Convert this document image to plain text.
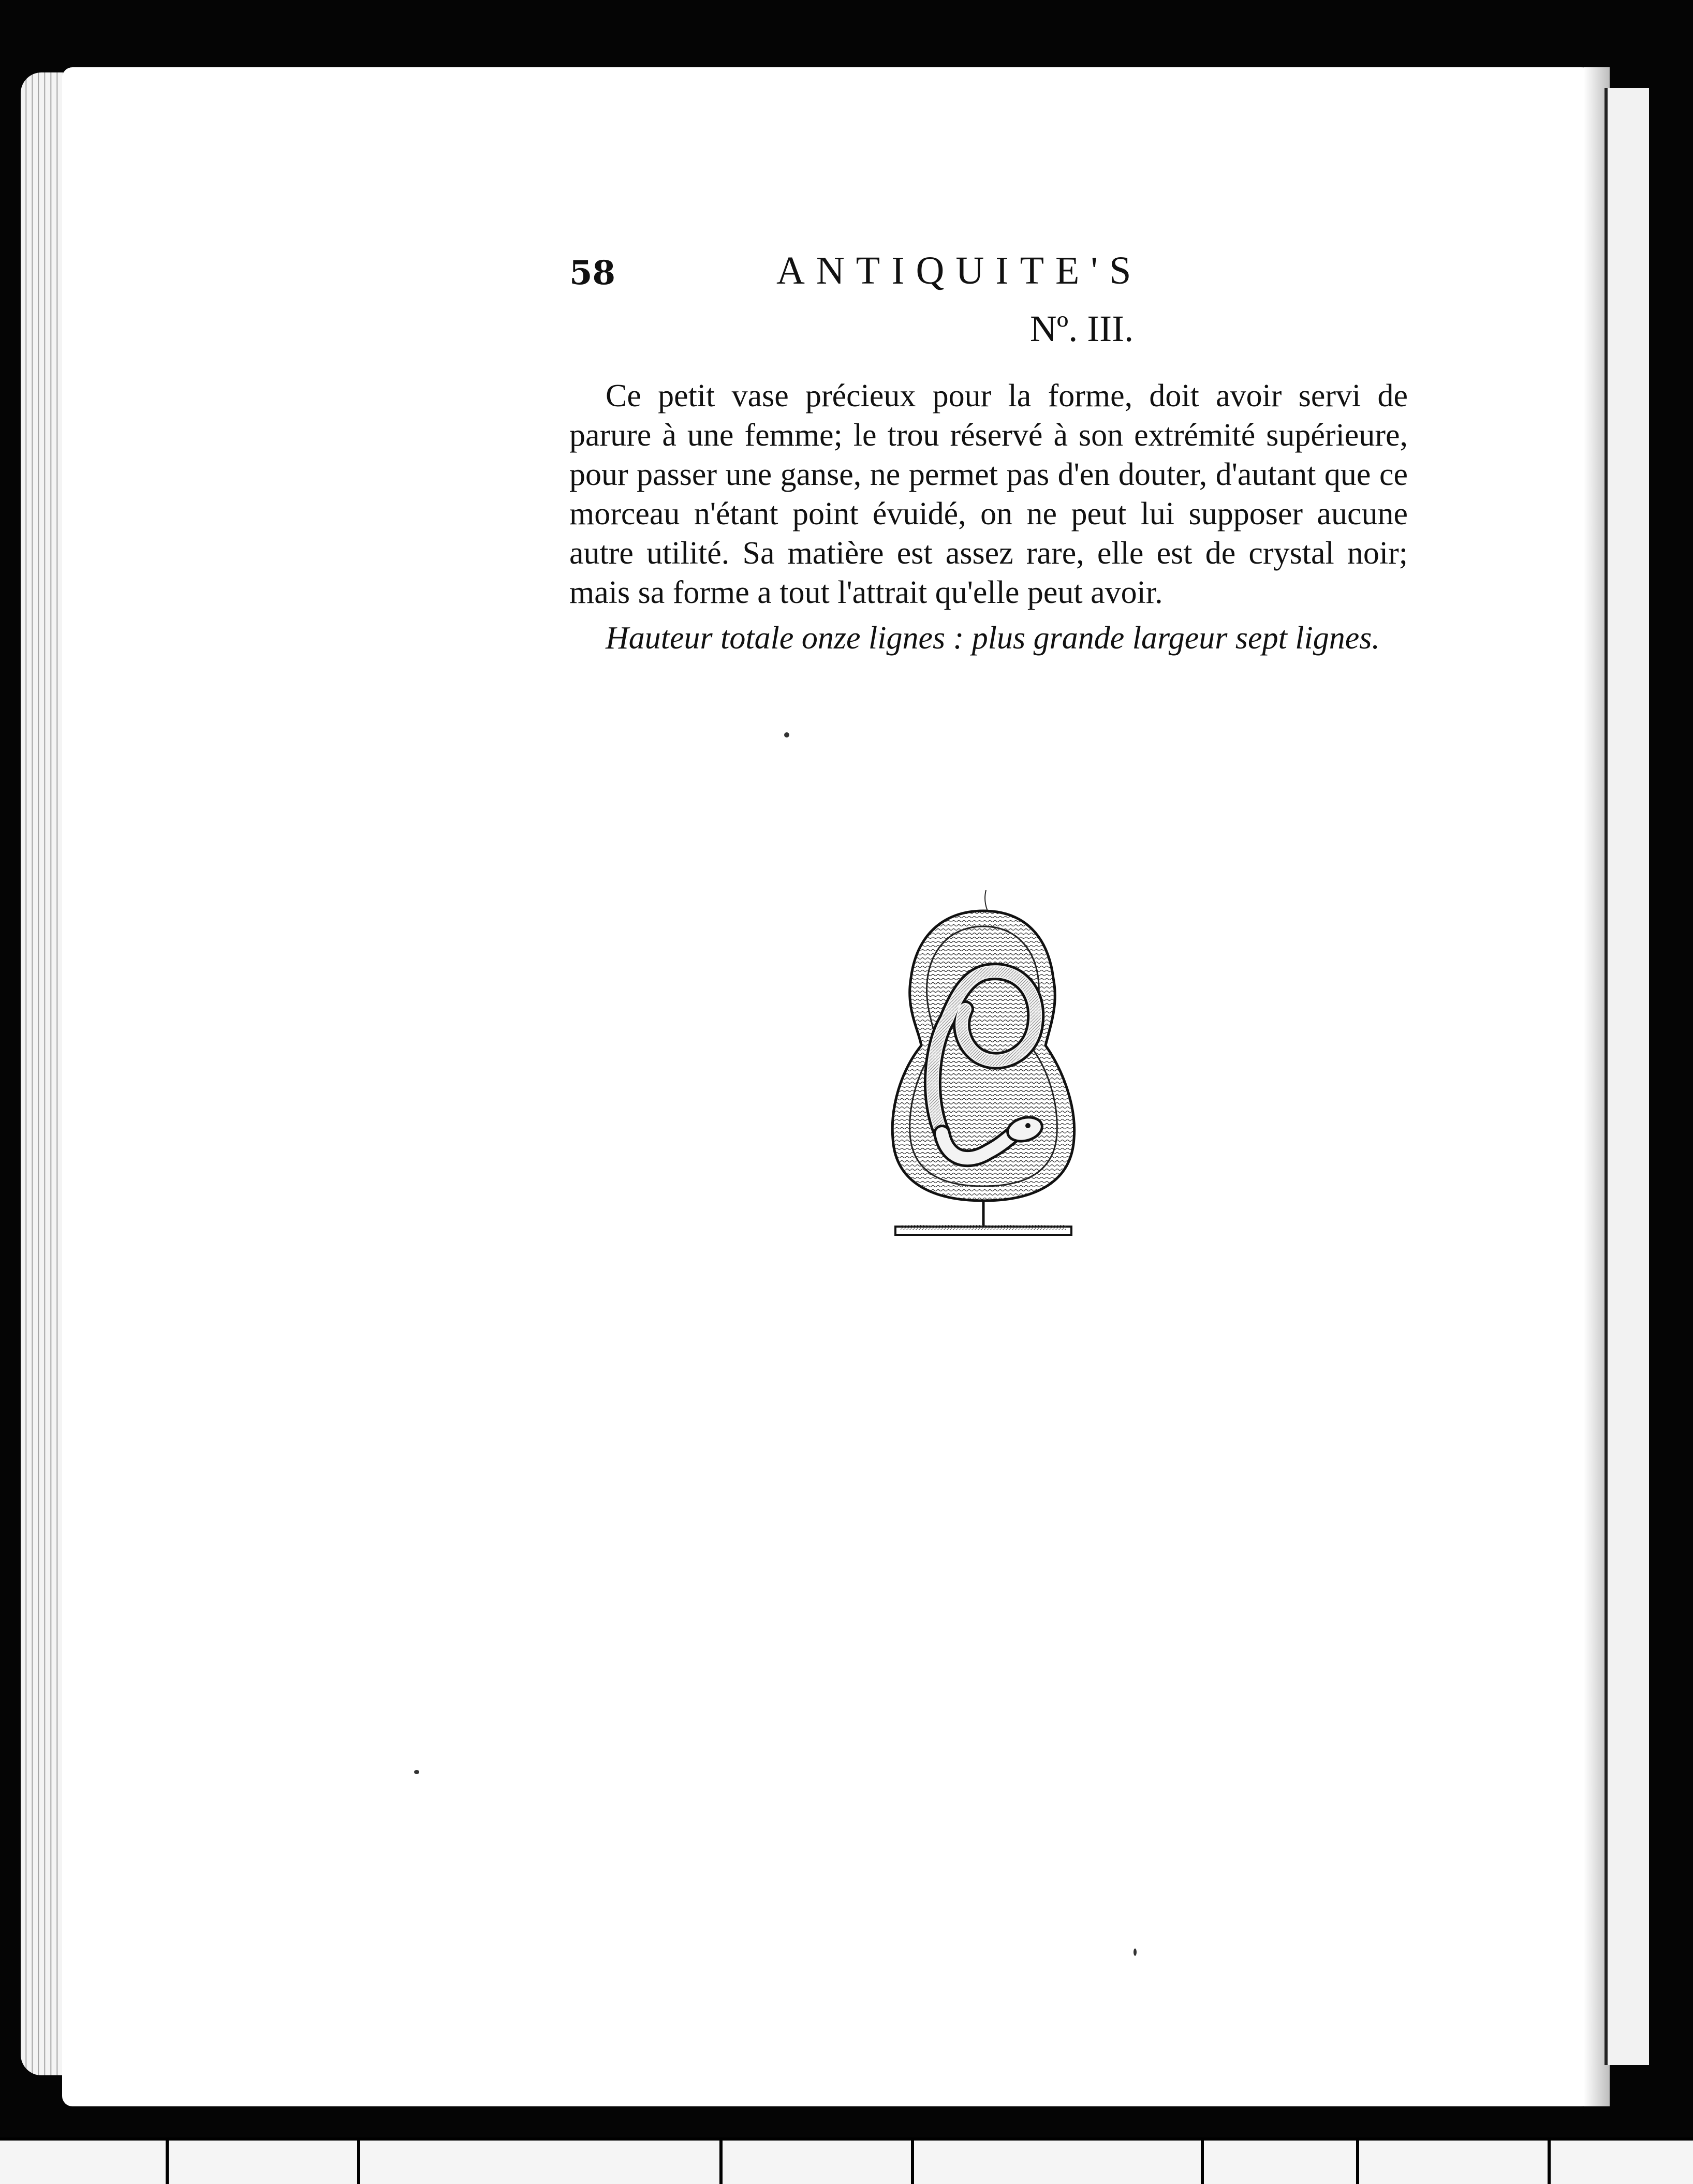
58	ANTIQUITE'S
Nº. III.

Ce petit vase précieux pour la forme, doit avoir servi de parure à une femme; le trou réservé à son extrémité supérieure, pour passer une ganse, ne permet pas d'en douter, d'autant que ce morceau n'étant point évuidé, on ne peut lui supposer aucune autre utilité. Sa matière est assez rare, elle est de crystal noir; mais sa forme a tout l'attrait qu'elle peut avoir.

Hauteur totale onze lignes : plus grande largeur sept lignes.
